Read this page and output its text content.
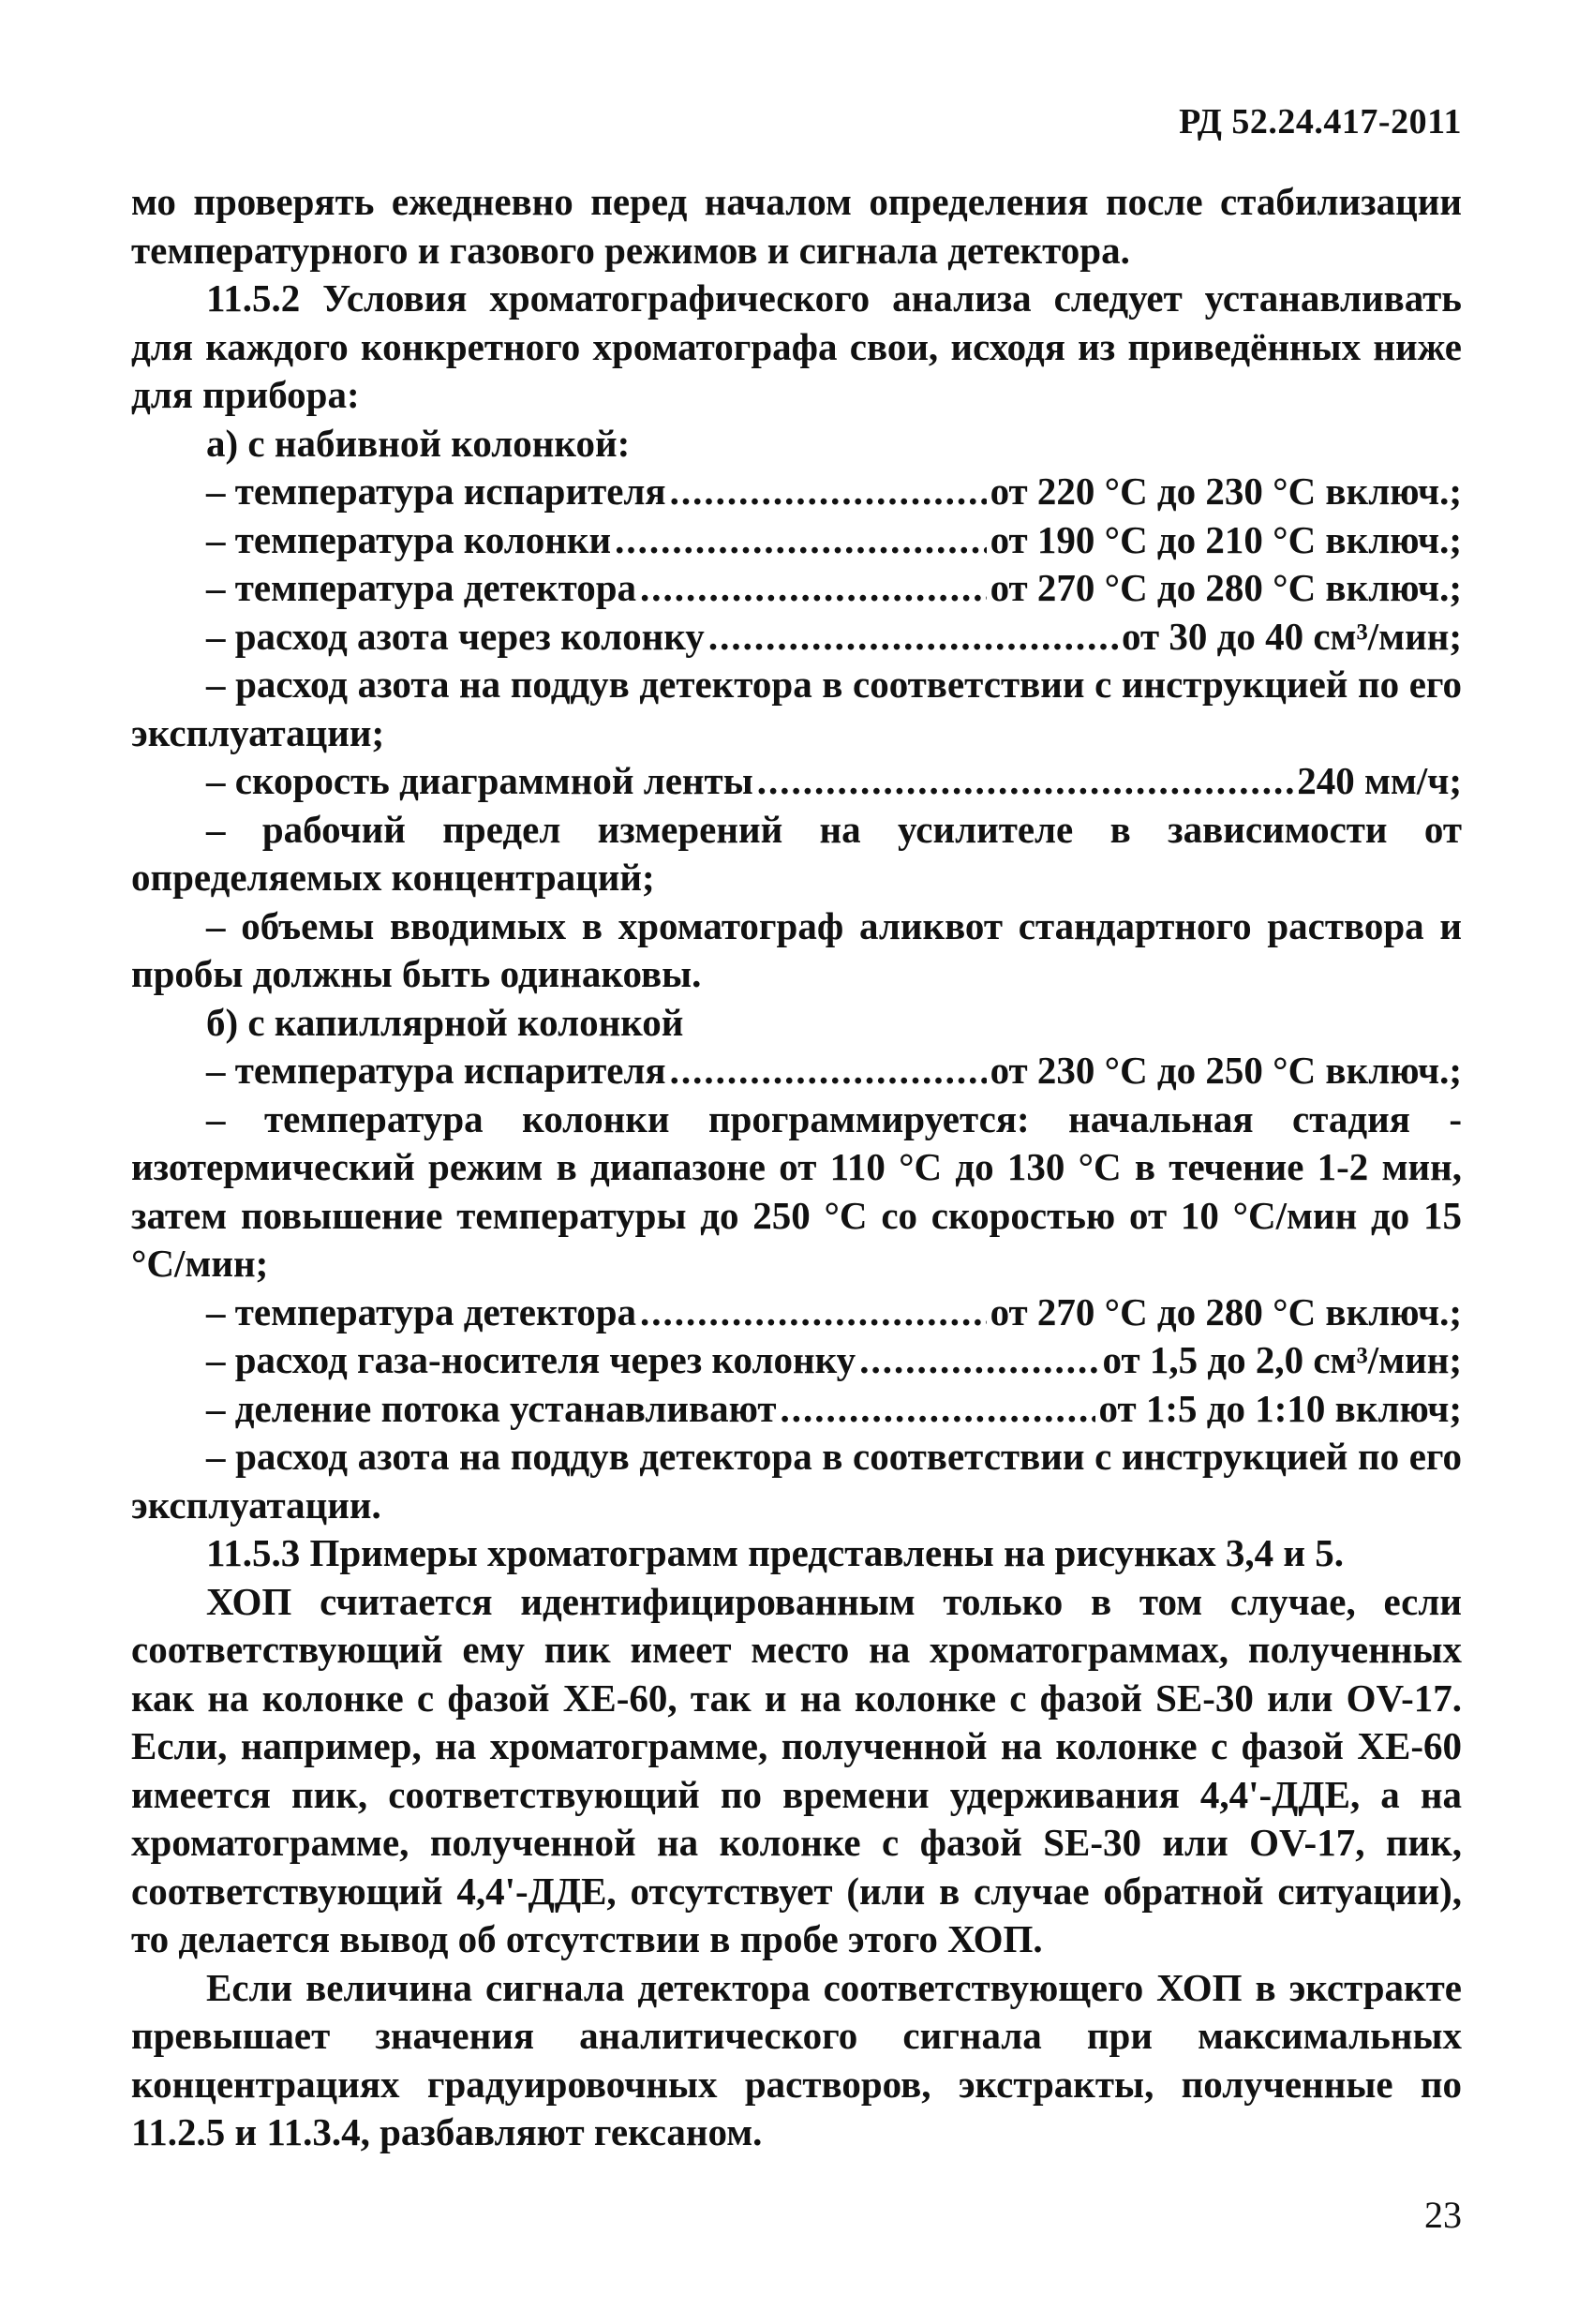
РД 52.24.417-2011

мо проверять ежедневно перед началом определения после стабилизации температурного и газового режимов и сигнала детектора.

11.5.2 Условия хроматографического анализа следует устанавливать для каждого конкретного хроматографа свои, исходя из приведённых ниже для прибора:

а) с набивной колонкой:

– температура испарителя .....	от 220 °С до 230 °С включ.;
– температура колонки .....	от 190 °С до 210 °С включ.;
– температура детектора .....	от 270 °С до 280 °С включ.;
– расход азота через колонку .....	от 30 до 40 см³/мин;

– расход азота на поддув детектора в соответствии с инструкцией по его эксплуатации;

– скорость диаграммной ленты .....	240 мм/ч;

– рабочий предел измерений на усилителе в зависимости от определяемых концентраций;

– объемы вводимых в хроматограф аликвот стандартного раствора и пробы должны быть одинаковы.

б) с капиллярной колонкой

– температура испарителя .....	от 230 °С до 250 °С включ.;

– температура колонки программируется: начальная стадия - изотермический режим в диапазоне от 110 °С до 130 °С в течение 1-2 мин, затем повышение температуры до 250 °С со скоростью от 10 °С/мин до 15 °С/мин;

– температура детектора .....	от 270 °С до 280 °С включ.;
– расход газа-носителя через колонку .....	от 1,5 до 2,0 см³/мин;
– деление потока устанавливают .....	от 1:5 до 1:10 включ;

– расход азота на поддув детектора в соответствии с инструкцией по его эксплуатации.

11.5.3 Примеры хроматограмм представлены на рисунках 3,4 и 5.

ХОП считается идентифицированным только в том случае, если соответствующий ему пик имеет место на хроматограммах, полученных как на колонке с фазой ХЕ-60, так и на колонке с фазой SE-30 или OV-17. Если, например, на хроматограмме, полученной на колонке с фазой ХЕ-60 имеется пик, соответствующий по времени удерживания 4,4'-ДДЕ, а на хроматограмме, полученной на колонке с фазой SE-30 или OV-17, пик, соответствующий 4,4'-ДДЕ, отсутствует (или в случае обратной ситуации), то делается вывод об отсутствии в пробе этого ХОП.

Если величина сигнала детектора соответствующего ХОП в экстракте превышает значения аналитического сигнала при максимальных концентрациях градуировочных растворов, экстракты, полученные по 11.2.5 и 11.3.4, разбавляют гексаном.

23
